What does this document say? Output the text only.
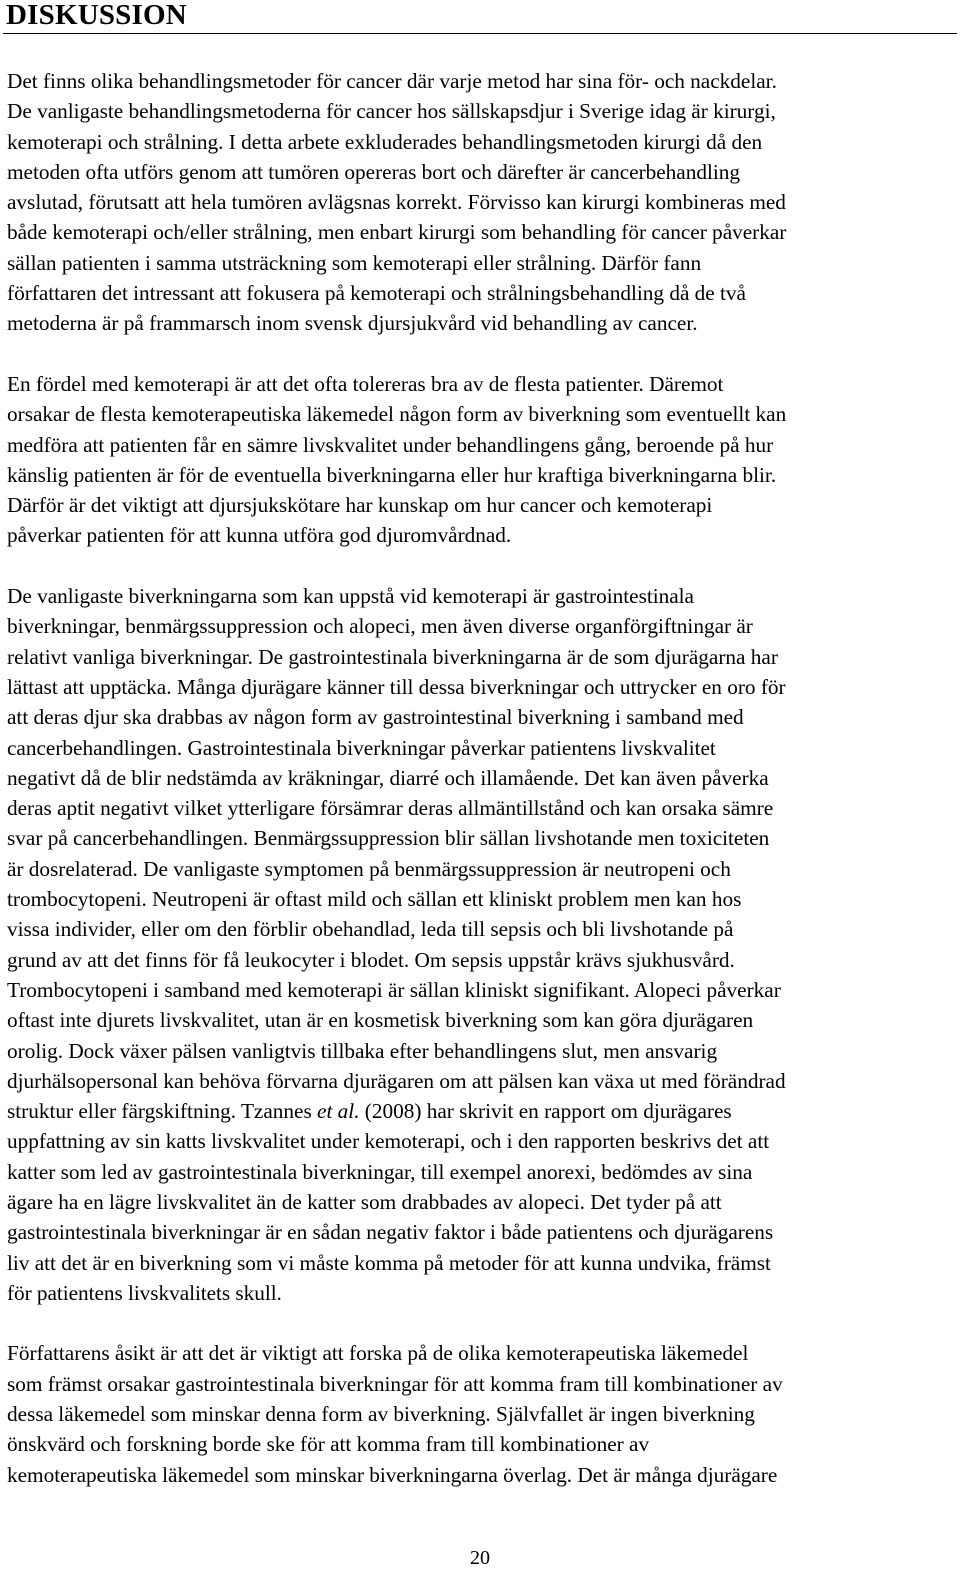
DISKUSSION

Det finns olika behandlingsmetoder för cancer där varje metod har sina för- och nackdelar.
De vanligaste behandlingsmetoderna för cancer hos sällskapsdjur i Sverige idag är kirurgi,
kemoterapi och strålning. I detta arbete exkluderades behandlingsmetoden kirurgi då den
metoden ofta utförs genom att tumören opereras bort och därefter är cancerbehandling
avslutad, förutsatt att hela tumören avlägsnas korrekt. Förvisso kan kirurgi kombineras med
både kemoterapi och/eller strålning, men enbart kirurgi som behandling för cancer påverkar
sällan patienten i samma utsträckning som kemoterapi eller strålning. Därför fann
författaren det intressant att fokusera på kemoterapi och strålningsbehandling då de två
metoderna är på frammarsch inom svensk djursjukvård vid behandling av cancer.

En fördel med kemoterapi är att det ofta tolereras bra av de flesta patienter. Däremot
orsakar de flesta kemoterapeutiska läkemedel någon form av biverkning som eventuellt kan
medföra att patienten får en sämre livskvalitet under behandlingens gång, beroende på hur
känslig patienten är för de eventuella biverkningarna eller hur kraftiga biverkningarna blir.
Därför är det viktigt att djursjukskötare har kunskap om hur cancer och kemoterapi
påverkar patienten för att kunna utföra god djuromvårdnad.

De vanligaste biverkningarna som kan uppstå vid kemoterapi är gastrointestinala
biverkningar, benmärgssuppression och alopeci, men även diverse organförgiftningar är
relativt vanliga biverkningar. De gastrointestinala biverkningarna är de som djurägarna har
lättast att upptäcka. Många djurägare känner till dessa biverkningar och uttrycker en oro för
att deras djur ska drabbas av någon form av gastrointestinal biverkning i samband med
cancerbehandlingen. Gastrointestinala biverkningar påverkar patientens livskvalitet
negativt då de blir nedstämda av kräkningar, diarré och illamående. Det kan även påverka
deras aptit negativt vilket ytterligare försämrar deras allmäntillstånd och kan orsaka sämre
svar på cancerbehandlingen. Benmärgssuppression blir sällan livshotande men toxiciteten
är dosrelaterad. De vanligaste symptomen på benmärgssuppression är neutropeni och
trombocytopeni. Neutropeni är oftast mild och sällan ett kliniskt problem men kan hos
vissa individer, eller om den förblir obehandlad, leda till sepsis och bli livshotande på
grund av att det finns för få leukocyter i blodet. Om sepsis uppstår krävs sjukhusvård.
Trombocytopeni i samband med kemoterapi är sällan kliniskt signifikant. Alopeci påverkar
oftast inte djurets livskvalitet, utan är en kosmetisk biverkning som kan göra djurägaren
orolig. Dock växer pälsen vanligtvis tillbaka efter behandlingens slut, men ansvarig
djurhälsopersonal kan behöva förvarna djurägaren om att pälsen kan växa ut med förändrad
struktur eller färgskiftning. Tzannes et al. (2008) har skrivit en rapport om djurägares
uppfattning av sin katts livskvalitet under kemoterapi, och i den rapporten beskrivs det att
katter som led av gastrointestinala biverkningar, till exempel anorexi, bedömdes av sina
ägare ha en lägre livskvalitet än de katter som drabbades av alopeci. Det tyder på att
gastrointestinala biverkningar är en sådan negativ faktor i både patientens och djurägarens
liv att det är en biverkning som vi måste komma på metoder för att kunna undvika, främst
för patientens livskvalitets skull.

Författarens åsikt är att det är viktigt att forska på de olika kemoterapeutiska läkemedel
som främst orsakar gastrointestinala biverkningar för att komma fram till kombinationer av
dessa läkemedel som minskar denna form av biverkning. Självfallet är ingen biverkning
önskvärd och forskning borde ske för att komma fram till kombinationer av
kemoterapeutiska läkemedel som minskar biverkningarna överlag. Det är många djurägare

20
